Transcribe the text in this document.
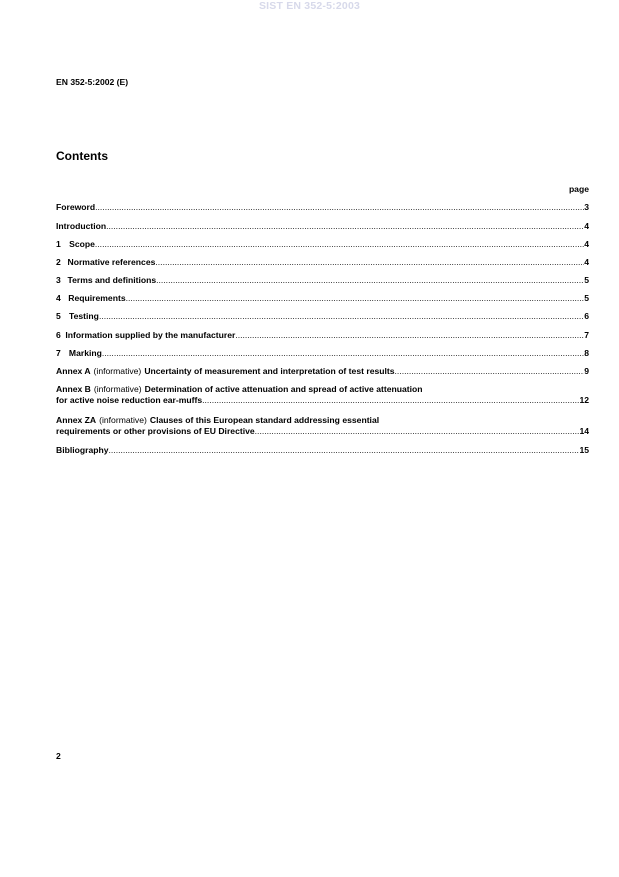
SIST EN 352-5:2003
EN 352-5:2002 (E)
Contents
page
Foreword .....	3
Introduction .....	4
1 Scope .....	4
2 Normative references .....	4
3 Terms and definitions .....	5
4 Requirements .....	5
5 Testing .....	6
6 Information supplied by the manufacturer .....	7
7 Marking .....	8
Annex A (informative) Uncertainty of measurement and interpretation of test results .....	9
Annex B (informative) Determination of active attenuation and spread of active attenuation
for active noise reduction ear-muffs .....	12
Annex ZA (informative) Clauses of this European standard addressing essential
requirements or other provisions of EU Directive .....	14
Bibliography .....	15
2
